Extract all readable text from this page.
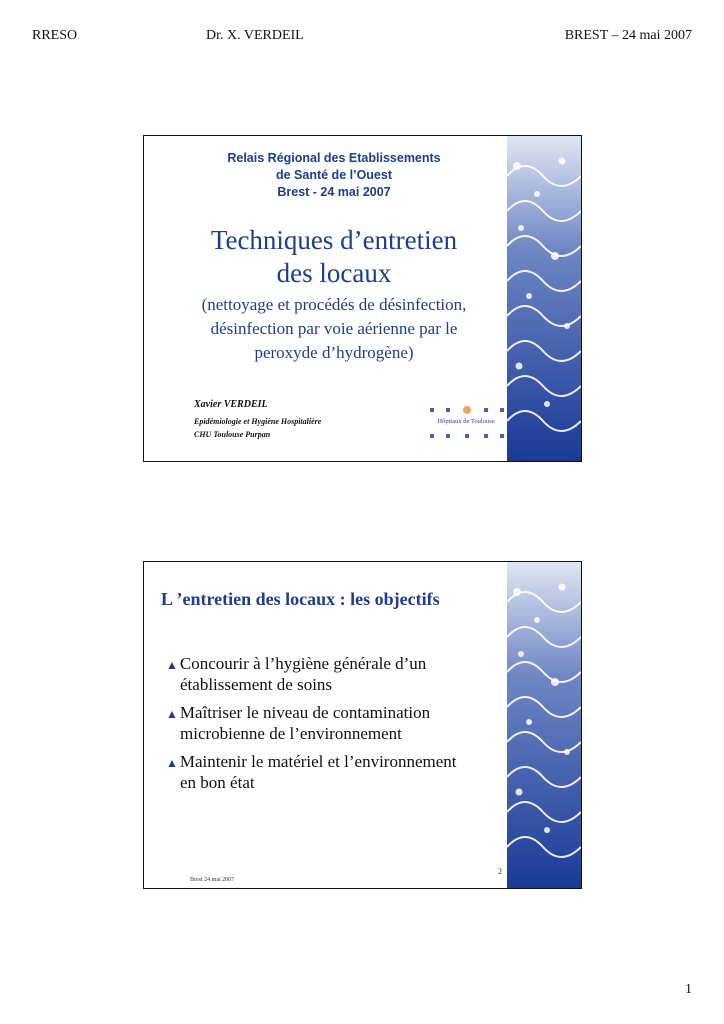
RRESO	Dr. X. VERDEIL	BREST – 24 mai 2007
Relais Régional des Etablissements
de Santé de l’Ouest
Brest - 24 mai 2007
Techniques d’entretien
des locaux
(nettoyage et procédés de désinfection,
désinfection par voie aérienne par le
peroxyde d’hydrogène)
Xavier VERDEIL
Epidémiologie et Hygiène Hospitalière
CHU Toulouse Purpan
Hôpitaux de Toulouse
L ’entretien des locaux : les objectifs
▲ Concourir à l’hygiène générale d’un
établissement de soins
▲ Maîtriser le niveau de contamination
microbienne de l’environnement
▲ Maintenir le matériel et l’environnement
en bon état
2
Brest 24 mai 2007
1
